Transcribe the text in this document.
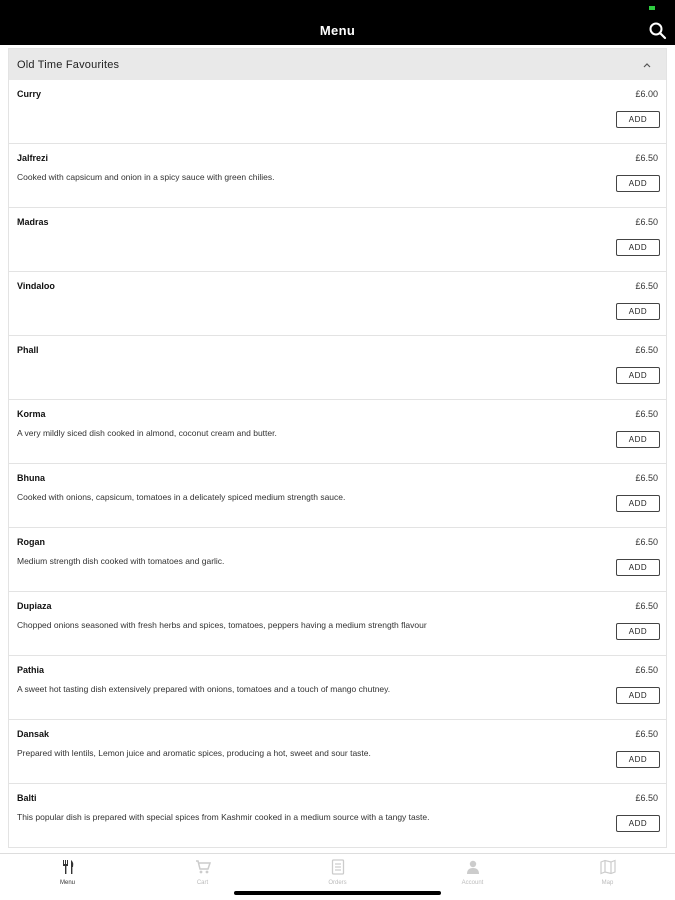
Menu
Old Time Favourites
Curry	£6.00
ADD
Jalfrezi
Cooked with capsicum and onion in a spicy sauce with green chilies.
£6.50
ADD
Madras	£6.50
ADD
Vindaloo	£6.50
ADD
Phall	£6.50
ADD
Korma
A very mildly siced dish cooked in almond, coconut cream and butter.
£6.50
ADD
Bhuna
Cooked with onions, capsicum, tomatoes in a delicately spiced medium strength sauce.
£6.50
ADD
Rogan
Medium strength dish cooked with tomatoes and garlic.
£6.50
ADD
Dupiaza
Chopped onions seasoned with fresh herbs and spices, tomatoes, peppers having a medium strength flavour
£6.50
ADD
Pathia
A sweet hot tasting dish extensively prepared with onions, tomatoes and a touch of mango chutney.
£6.50
ADD
Dansak
Prepared with lentils, Lemon juice and aromatic spices, producing a hot, sweet and sour taste.
£6.50
ADD
Balti
This popular dish is prepared with special spices from Kashmir cooked in a medium source with a tangy taste.
£6.50
ADD
Menu	Cart	Orders	Account	Map
